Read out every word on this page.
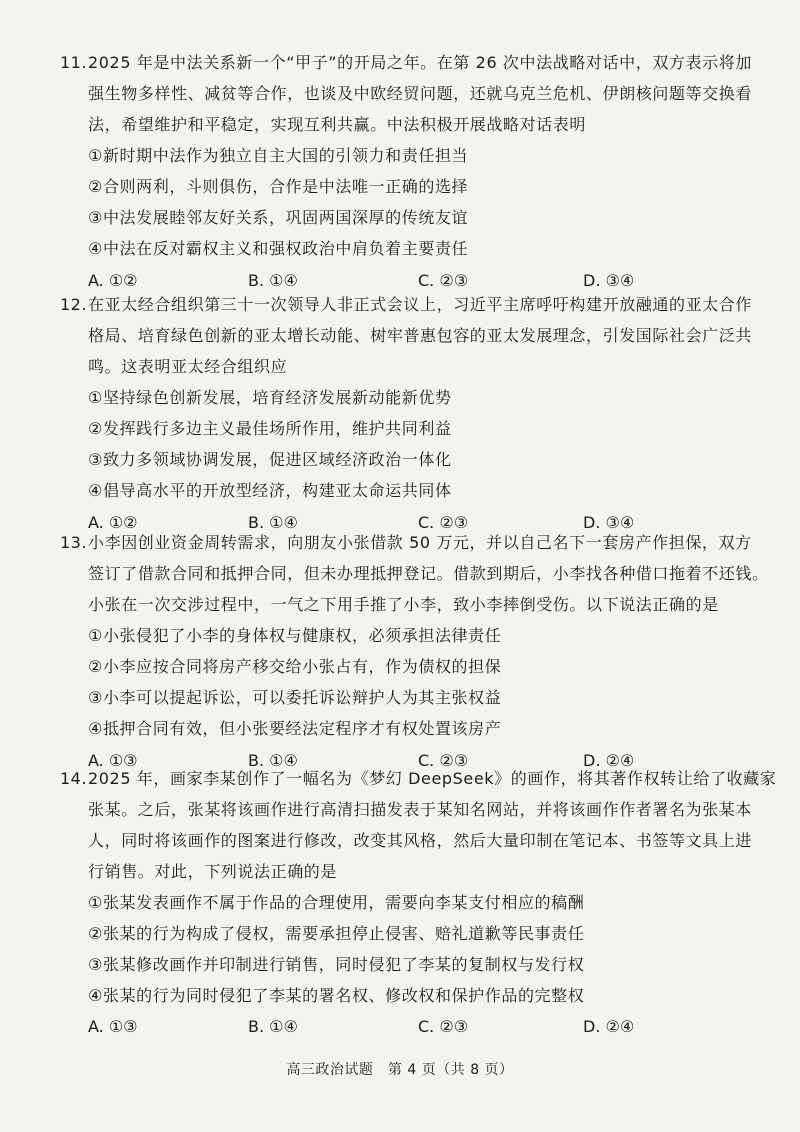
11. 2025 年是中法关系新一个“甲子”的开局之年。在第 26 次中法战略对话中，双方表示将加
强生物多样性、减贫等合作，也谈及中欧经贸问题，还就乌克兰危机、伊朗核问题等交换看
法，希望维护和平稳定，实现互利共赢。中法积极开展战略对话表明
①新时期中法作为独立自主大国的引领力和责任担当
②合则两利，斗则俱伤，合作是中法唯一正确的选择
③中法发展睦邻友好关系，巩固两国深厚的传统友谊
④中法在反对霸权主义和强权政治中肩负着主要责任
A. ①②	B. ①④	C. ②③	D. ③④
12. 在亚太经合组织第三十一次领导人非正式会议上，习近平主席呼吁构建开放融通的亚太合作
格局、培育绿色创新的亚太增长动能、树牢普惠包容的亚太发展理念，引发国际社会广泛共
鸣。这表明亚太经合组织应
①坚持绿色创新发展，培育经济发展新动能新优势
②发挥践行多边主义最佳场所作用，维护共同利益
③致力多领域协调发展，促进区域经济政治一体化
④倡导高水平的开放型经济，构建亚太命运共同体
A. ①②	B. ①④	C. ②③	D. ③④
13. 小李因创业资金周转需求，向朋友小张借款 50 万元，并以自己名下一套房产作担保，双方
签订了借款合同和抵押合同，但未办理抵押登记。借款到期后，小李找各种借口拖着不还钱。
小张在一次交涉过程中，一气之下用手推了小李，致小李摔倒受伤。以下说法正确的是
①小张侵犯了小李的身体权与健康权，必须承担法律责任
②小李应按合同将房产移交给小张占有，作为债权的担保
③小李可以提起诉讼，可以委托诉讼辩护人为其主张权益
④抵押合同有效，但小张要经法定程序才有权处置该房产
A. ①③	B. ①④	C. ②③	D. ②④
14. 2025 年，画家李某创作了一幅名为《梦幻 DeepSeek》的画作，将其著作权转让给了收藏家
张某。之后，张某将该画作进行高清扫描发表于某知名网站，并将该画作作者署名为张某本
人，同时将该画作的图案进行修改，改变其风格，然后大量印制在笔记本、书签等文具上进
行销售。对此，下列说法正确的是
①张某发表画作不属于作品的合理使用，需要向李某支付相应的稿酬
②张某的行为构成了侵权，需要承担停止侵害、赔礼道歉等民事责任
③张某修改画作并印制进行销售，同时侵犯了李某的复制权与发行权
④张某的行为同时侵犯了李某的署名权、修改权和保护作品的完整权
A. ①③	B. ①④	C. ②③	D. ②④
高三政治试题　第 4 页（共 8 页）
